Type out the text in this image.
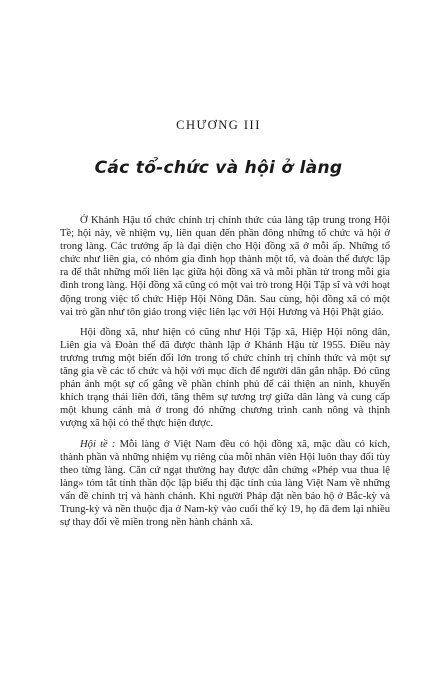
CHƯƠNG III
Các tổ-chức và hội ở làng

Ở Khánh Hậu tổ chức chính trị chính thức của làng tập trung trong Hội Tề; hội này, về nhiệm vụ, liên quan đến phần đông những tổ chức và hội ở trong làng. Các trưởng ấp là đại diện cho Hội đồng xã ở mỗi ấp. Những tổ chức như liên gia, có nhóm gia đình họp thành một tổ, và đoàn thể được lập ra để thắt những mối liên lạc giữa hội đồng xã và mỗi phần tử trong mỗi gia đình trong làng. Hội đồng xã cũng có một vai trò trong Hội Tập sĩ và với hoạt động trong việc tổ chức Hiệp Hội Nông Dân. Sau cùng, hội đồng xã có một vai trò gần như tôn giáo trong việc liên lạc với Hội Hương và Hội Phật giáo.

Hội đồng xã, như hiện có cũng như Hội Tập xã, Hiệp Hội nông dân, Liên gia và Đoàn thể đã được thành lập ở Khánh Hậu từ 1955. Điều này trương trưng một biến đổi lớn trong tổ chức chính trị chính thức và một sự tăng gia về các tổ chức và hội với mục đích để người dân gắn nhập. Đó cũng phản ánh một sự cố gắng về phần chính phủ để cải thiện an ninh, khuyến khích trạng thái liên đới, tăng thêm sự tương trợ giữa dân làng và cung cấp một khung cảnh mà ở trong đó những chương trình canh nông và thịnh vượng xã hội có thể thực hiện được.

Hội tề : Mỗi làng ở Việt Nam đều có hội đồng xã, mặc dầu có kích, thành phần và những nhiệm vụ riêng của mỗi nhân viên Hội luôn thay đổi tùy theo từng làng. Căn cứ ngạt thường hay được dẫn chứng «Phép vua thua lệ làng» tóm tắt tính thần độc lập biểu thị đặc tính của làng Việt Nam về những vấn đề chính trị và hành chánh. Khi người Pháp đặt nền bảo hộ ở Bắc-kỳ và Trung-kỳ và nền thuộc địa ở Nam-kỳ vào cuối thế kỷ 19, họ đã đem lại nhiều sự thay đổi về miền trong nền hành chánh xã.
